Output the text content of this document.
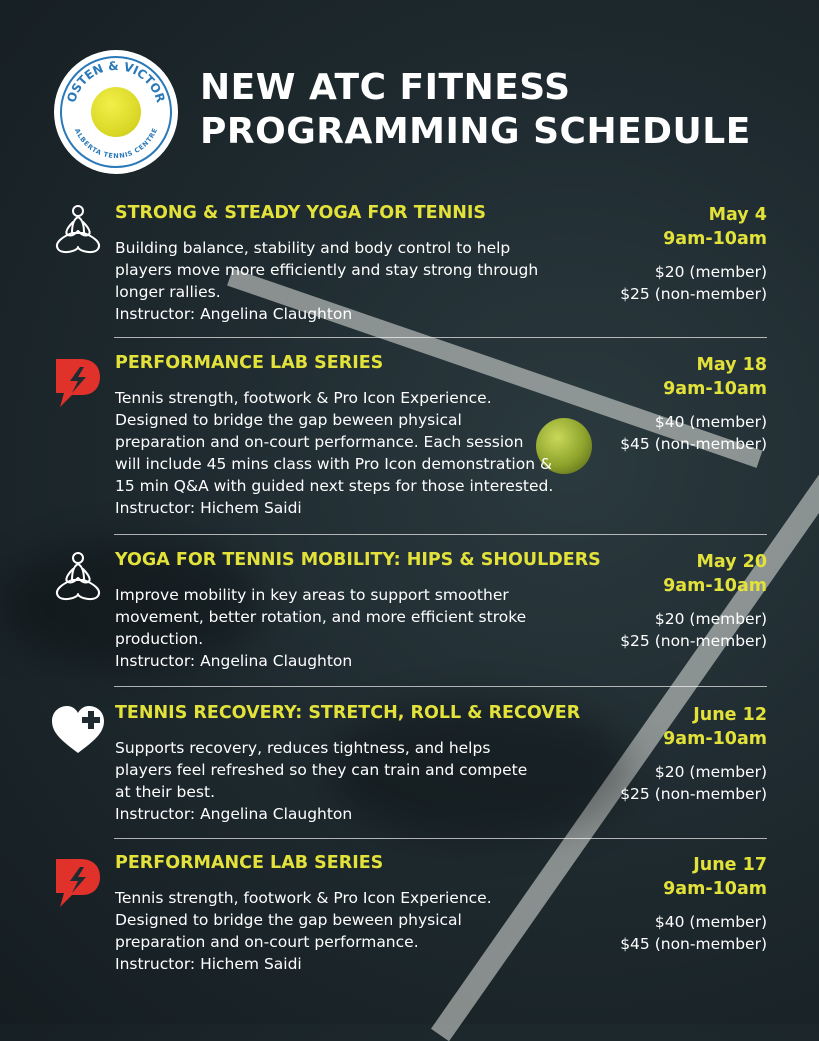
OSTEN & VICTOR
ALBERTA TENNIS CENTRE
NEW ATC FITNESS
PROGRAMMING SCHEDULE
STRONG & STEADY YOGA FOR TENNIS
Building balance, stability and body control to help
players move more efficiently and stay strong through
longer rallies.
Instructor: Angelina Claughton
May 4
9am-10am
$20 (member)
$25 (non-member)
PERFORMANCE LAB SERIES
Tennis strength, footwork & Pro Icon Experience.
Designed to bridge the gap beween physical
preparation and on-court performance. Each session
will include 45 mins class with Pro Icon demonstration &
15 min Q&A with guided next steps for those interested.
Instructor: Hichem Saidi
May 18
9am-10am
$40 (member)
$45 (non-member)
YOGA FOR TENNIS MOBILITY: HIPS & SHOULDERS
Improve mobility in key areas to support smoother
movement, better rotation, and more efficient stroke
production.
Instructor: Angelina Claughton
May 20
9am-10am
$20 (member)
$25 (non-member)
TENNIS RECOVERY: STRETCH, ROLL & RECOVER
Supports recovery, reduces tightness, and helps
players feel refreshed so they can train and compete
at their best.
Instructor: Angelina Claughton
June 12
9am-10am
$20 (member)
$25 (non-member)
PERFORMANCE LAB SERIES
Tennis strength, footwork & Pro Icon Experience.
Designed to bridge the gap beween physical
preparation and on-court performance.
Instructor: Hichem Saidi
June 17
9am-10am
$40 (member)
$45 (non-member)
